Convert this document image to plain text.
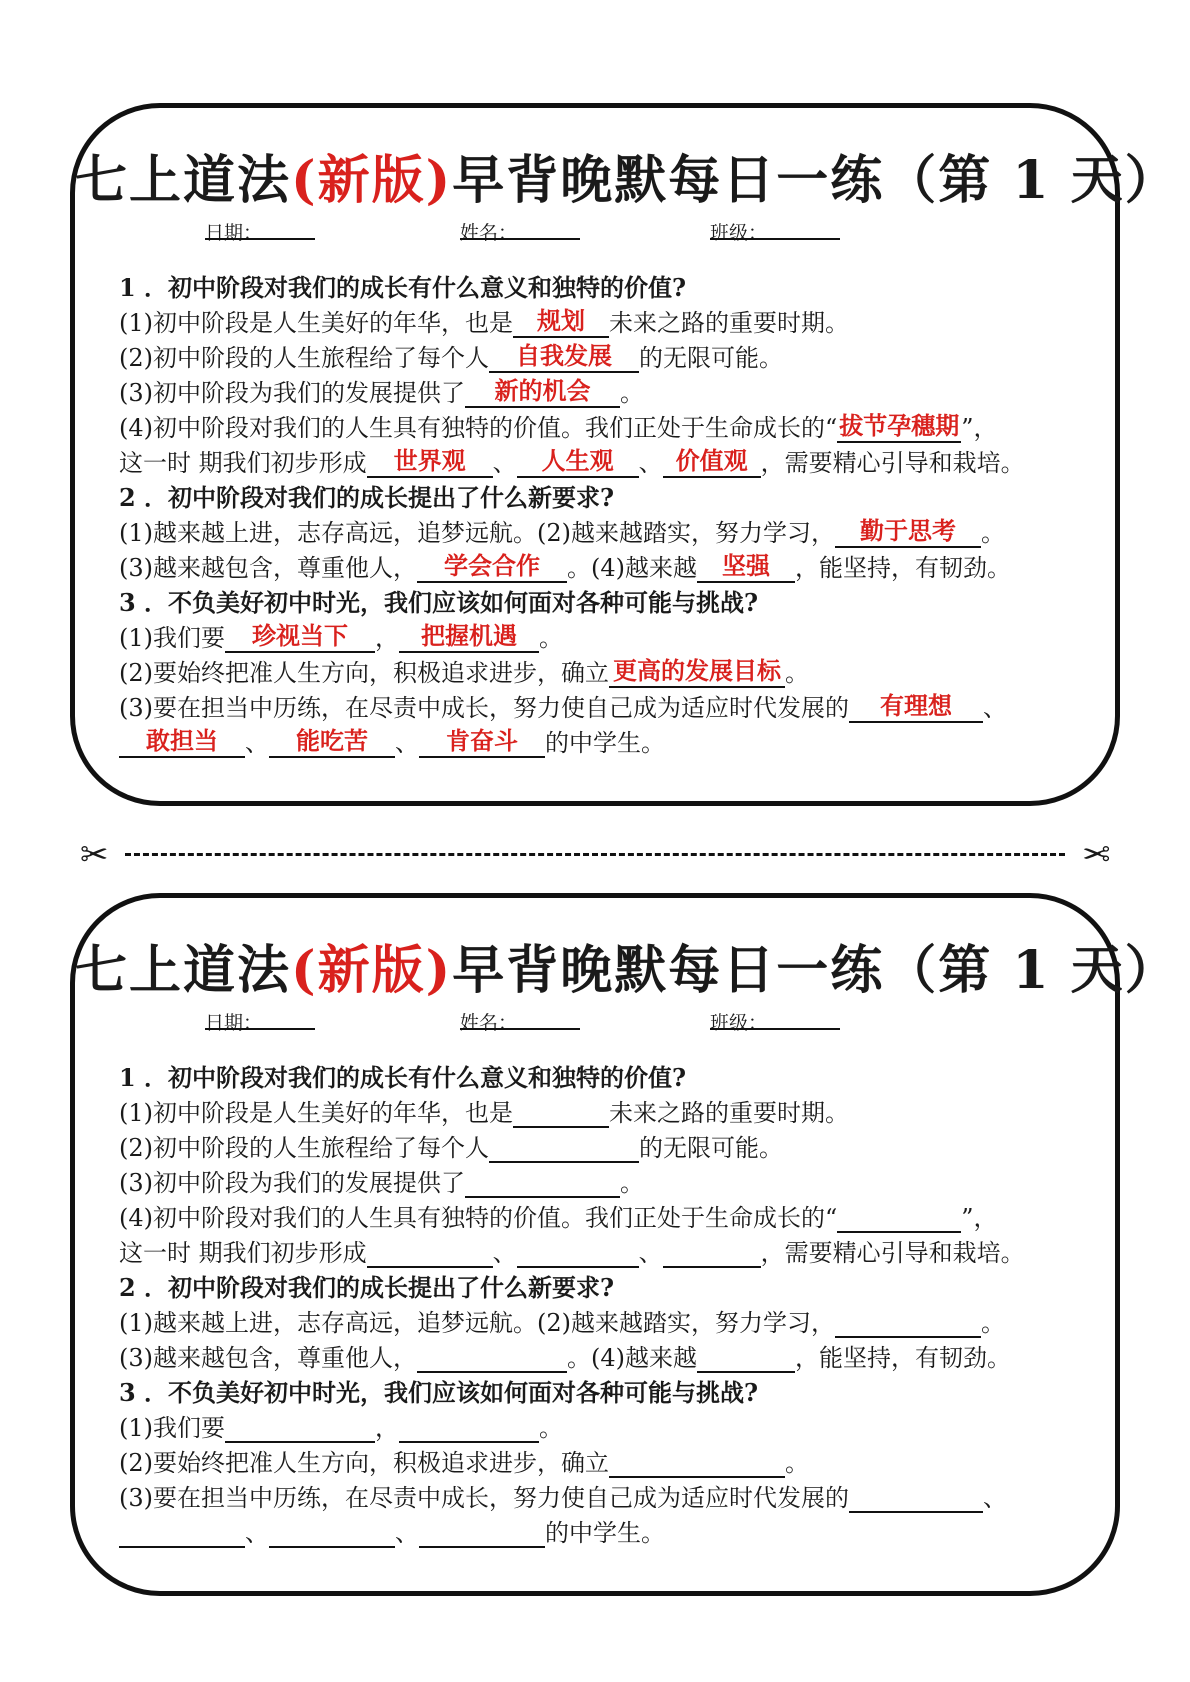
七上道法(新版)早背晚默每日一练（第 1 天）
日期：	姓名：	班级：
1 ．初中阶段对我们的成长有什么意义和独特的价值?
(1)初中阶段是人生美好的年华，也是 规划 未来之路的重要时期。
(2)初中阶段的人生旅程给了每个人 自我发展 的无限可能。
(3)初中阶段为我们的发展提供了 新的机会 。
(4)初中阶段对我们的人生具有独特的价值。我们正处于生命成长的“拔节孕穗期”，
这一时 期我们初步形成 世界观 、 人生观 、 价值观 ，需要精心引导和栽培。
2 ．初中阶段对我们的成长提出了什么新要求?
(1)越来越上进，志存高远，追梦远航。(2)越来越踏实，努力学习， 勤于思考 。
(3)越来越包含，尊重他人， 学会合作 。(4)越来越 坚强 ，能坚持，有韧劲。
3 ．不负美好初中时光，我们应该如何面对各种可能与挑战?
(1)我们要 珍视当下 ， 把握机遇 。
(2)要始终把准人生方向，积极追求进步，确立 更高的发展目标 。
(3)要在担当中历练，在尽责中成长，努力使自己成为适应时代发展的 有理想 、
敢担当 、 能吃苦 、 肯奋斗 的中学生。
✂	✂
七上道法(新版)早背晚默每日一练（第 1 天）
日期：	姓名：	班级：
1 ．初中阶段对我们的成长有什么意义和独特的价值?
(1)初中阶段是人生美好的年华，也是	未来之路的重要时期。
(2)初中阶段的人生旅程给了每个人	的无限可能。
(3)初中阶段为我们的发展提供了	。
(4)初中阶段对我们的人生具有独特的价值。我们正处于生命成长的“	”，
这一时 期我们初步形成	、	、	，需要精心引导和栽培。
2 ．初中阶段对我们的成长提出了什么新要求?
(1)越来越上进，志存高远，追梦远航。(2)越来越踏实，努力学习，	。
(3)越来越包含，尊重他人，	。(4)越来越	，能坚持，有韧劲。
3 ．不负美好初中时光，我们应该如何面对各种可能与挑战?
(1)我们要	，	。
(2)要始终把准人生方向，积极追求进步，确立	。
(3)要在担当中历练，在尽责中成长，努力使自己成为适应时代发展的	、
、	、	的中学生。
